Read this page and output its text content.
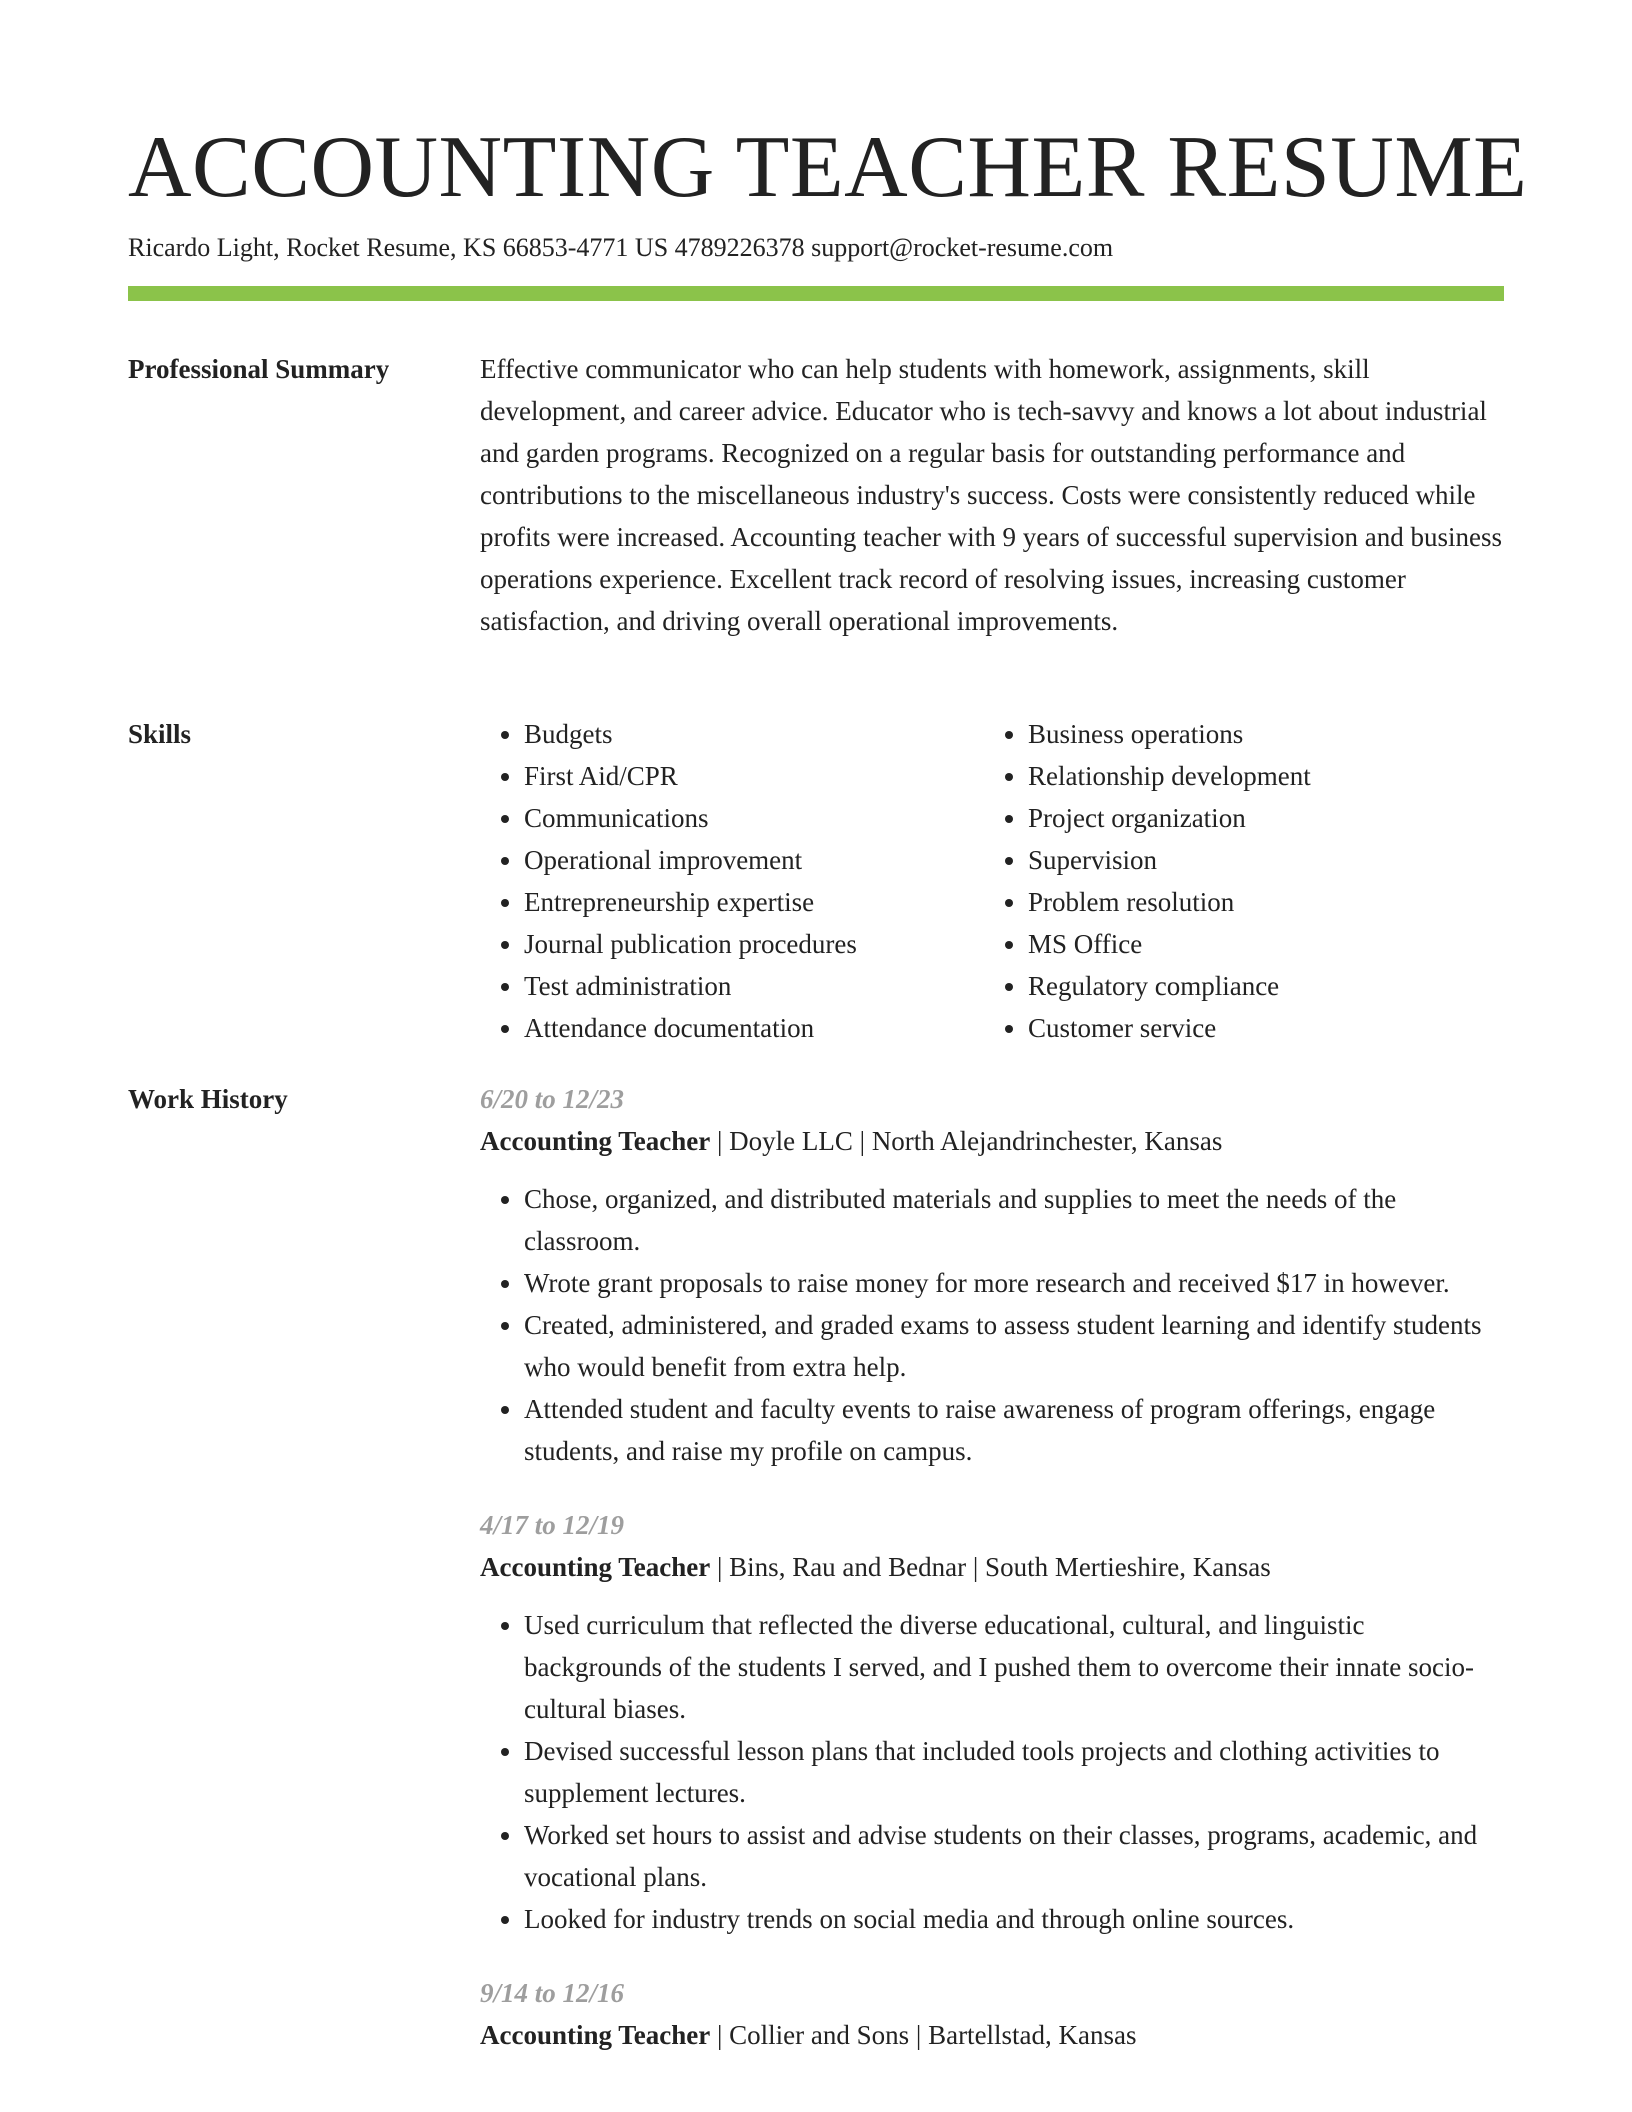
ACCOUNTING TEACHER RESUME
Ricardo Light, Rocket Resume, KS 66853-4771 US 4789226378 support@rocket-resume.com
Professional Summary	Effective communicator who can help students with homework, assignments, skill development, and career advice. Educator who is tech-savvy and knows a lot about industrial and garden programs. Recognized on a regular basis for outstanding performance and contributions to the miscellaneous industry's success. Costs were consistently reduced while profits were increased. Accounting teacher with 9 years of successful supervision and business operations experience. Excellent track record of resolving issues, increasing customer satisfaction, and driving overall operational improvements.

Skills
•	Budgets
• First Aid/CPR
• Communications
• Operational improvement
• Entrepreneurship expertise
• Journal publication procedures
• Test administration
• Attendance documentation
• Business operations
• Relationship development
• Project organization
• Supervision
• Problem resolution
• MS Office
• Regulatory compliance
• Customer service
Work History	6/20 to 12/23
Accounting Teacher | Doyle LLC | North Alejandrinchester, Kansas
• Chose, organized, and distributed materials and supplies to meet the needs of the classroom.
• Wrote grant proposals to raise money for more research and received $17 in however.
• Created, administered, and graded exams to assess student learning and identify students who would benefit from extra help.
• Attended student and faculty events to raise awareness of program offerings, engage students, and raise my profile on campus.
4/17 to 12/19
Accounting Teacher | Bins, Rau and Bednar | South Mertieshire, Kansas
• Used curriculum that reflected the diverse educational, cultural, and linguistic backgrounds of the students I served, and I pushed them to overcome their innate socio-cultural biases.
• Devised successful lesson plans that included tools projects and clothing activities to supplement lectures.
• Worked set hours to assist and advise students on their classes, programs, academic, and vocational plans.
• Looked for industry trends on social media and through online sources.
9/14 to 12/16
Accounting Teacher | Collier and Sons | Bartellstad, Kansas
